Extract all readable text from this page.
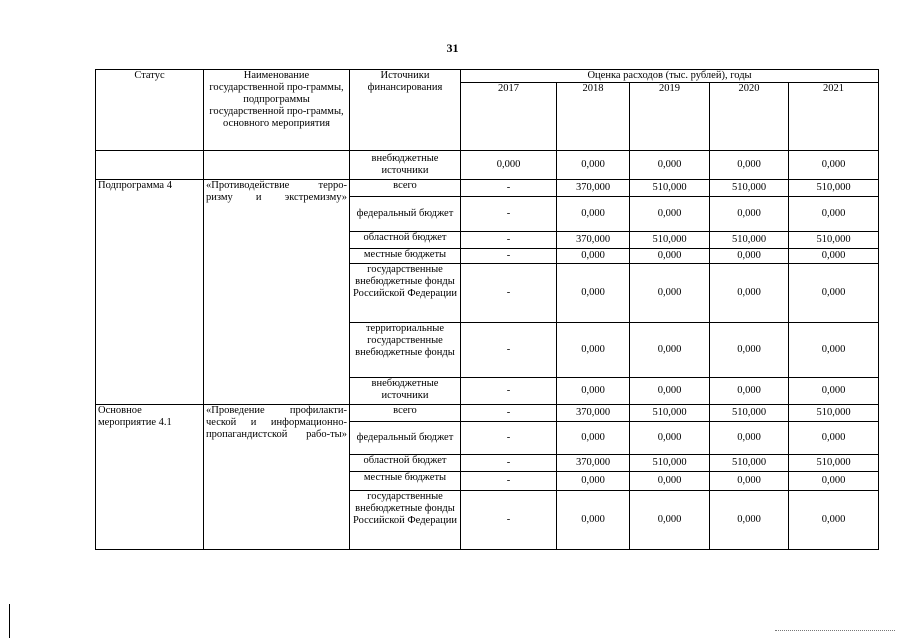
31
Статус	Наименование государственной про-граммы, подпрограммы государственной про-граммы, основного мероприятия	Источники финансирования	Оценка расходов (тыс. рублей), годы				
			2017	2018	2019	2020	2021
		внебюджетные источники	0,000	0,000	0,000	0,000	0,000
Подпрограмма 4	«Противодействие терро-ризму и экстремизму»	всего	-	370,000	510,000	510,000	510,000
		федеральный бюджет	-	0,000	0,000	0,000	0,000
		областной бюджет	-	370,000	510,000	510,000	510,000
		местные бюджеты	-	0,000	0,000	0,000	0,000
		государственные внебюджетные фонды Российской Федерации	-	0,000	0,000	0,000	0,000
		территориальные государственные внебюджетные фонды	-	0,000	0,000	0,000	0,000
		внебюджетные источники	-	0,000	0,000	0,000	0,000
Основное мероприятие 4.1	«Проведение профилакти-ческой и информационно-пропагандистской рабо-ты»	всего	-	370,000	510,000	510,000	510,000
		федеральный бюджет	-	0,000	0,000	0,000	0,000
		областной бюджет	-	370,000	510,000	510,000	510,000
		местные бюджеты	-	0,000	0,000	0,000	0,000
		государственные внебюджетные фонды Российской Федерации	-	0,000	0,000	0,000	0,000
